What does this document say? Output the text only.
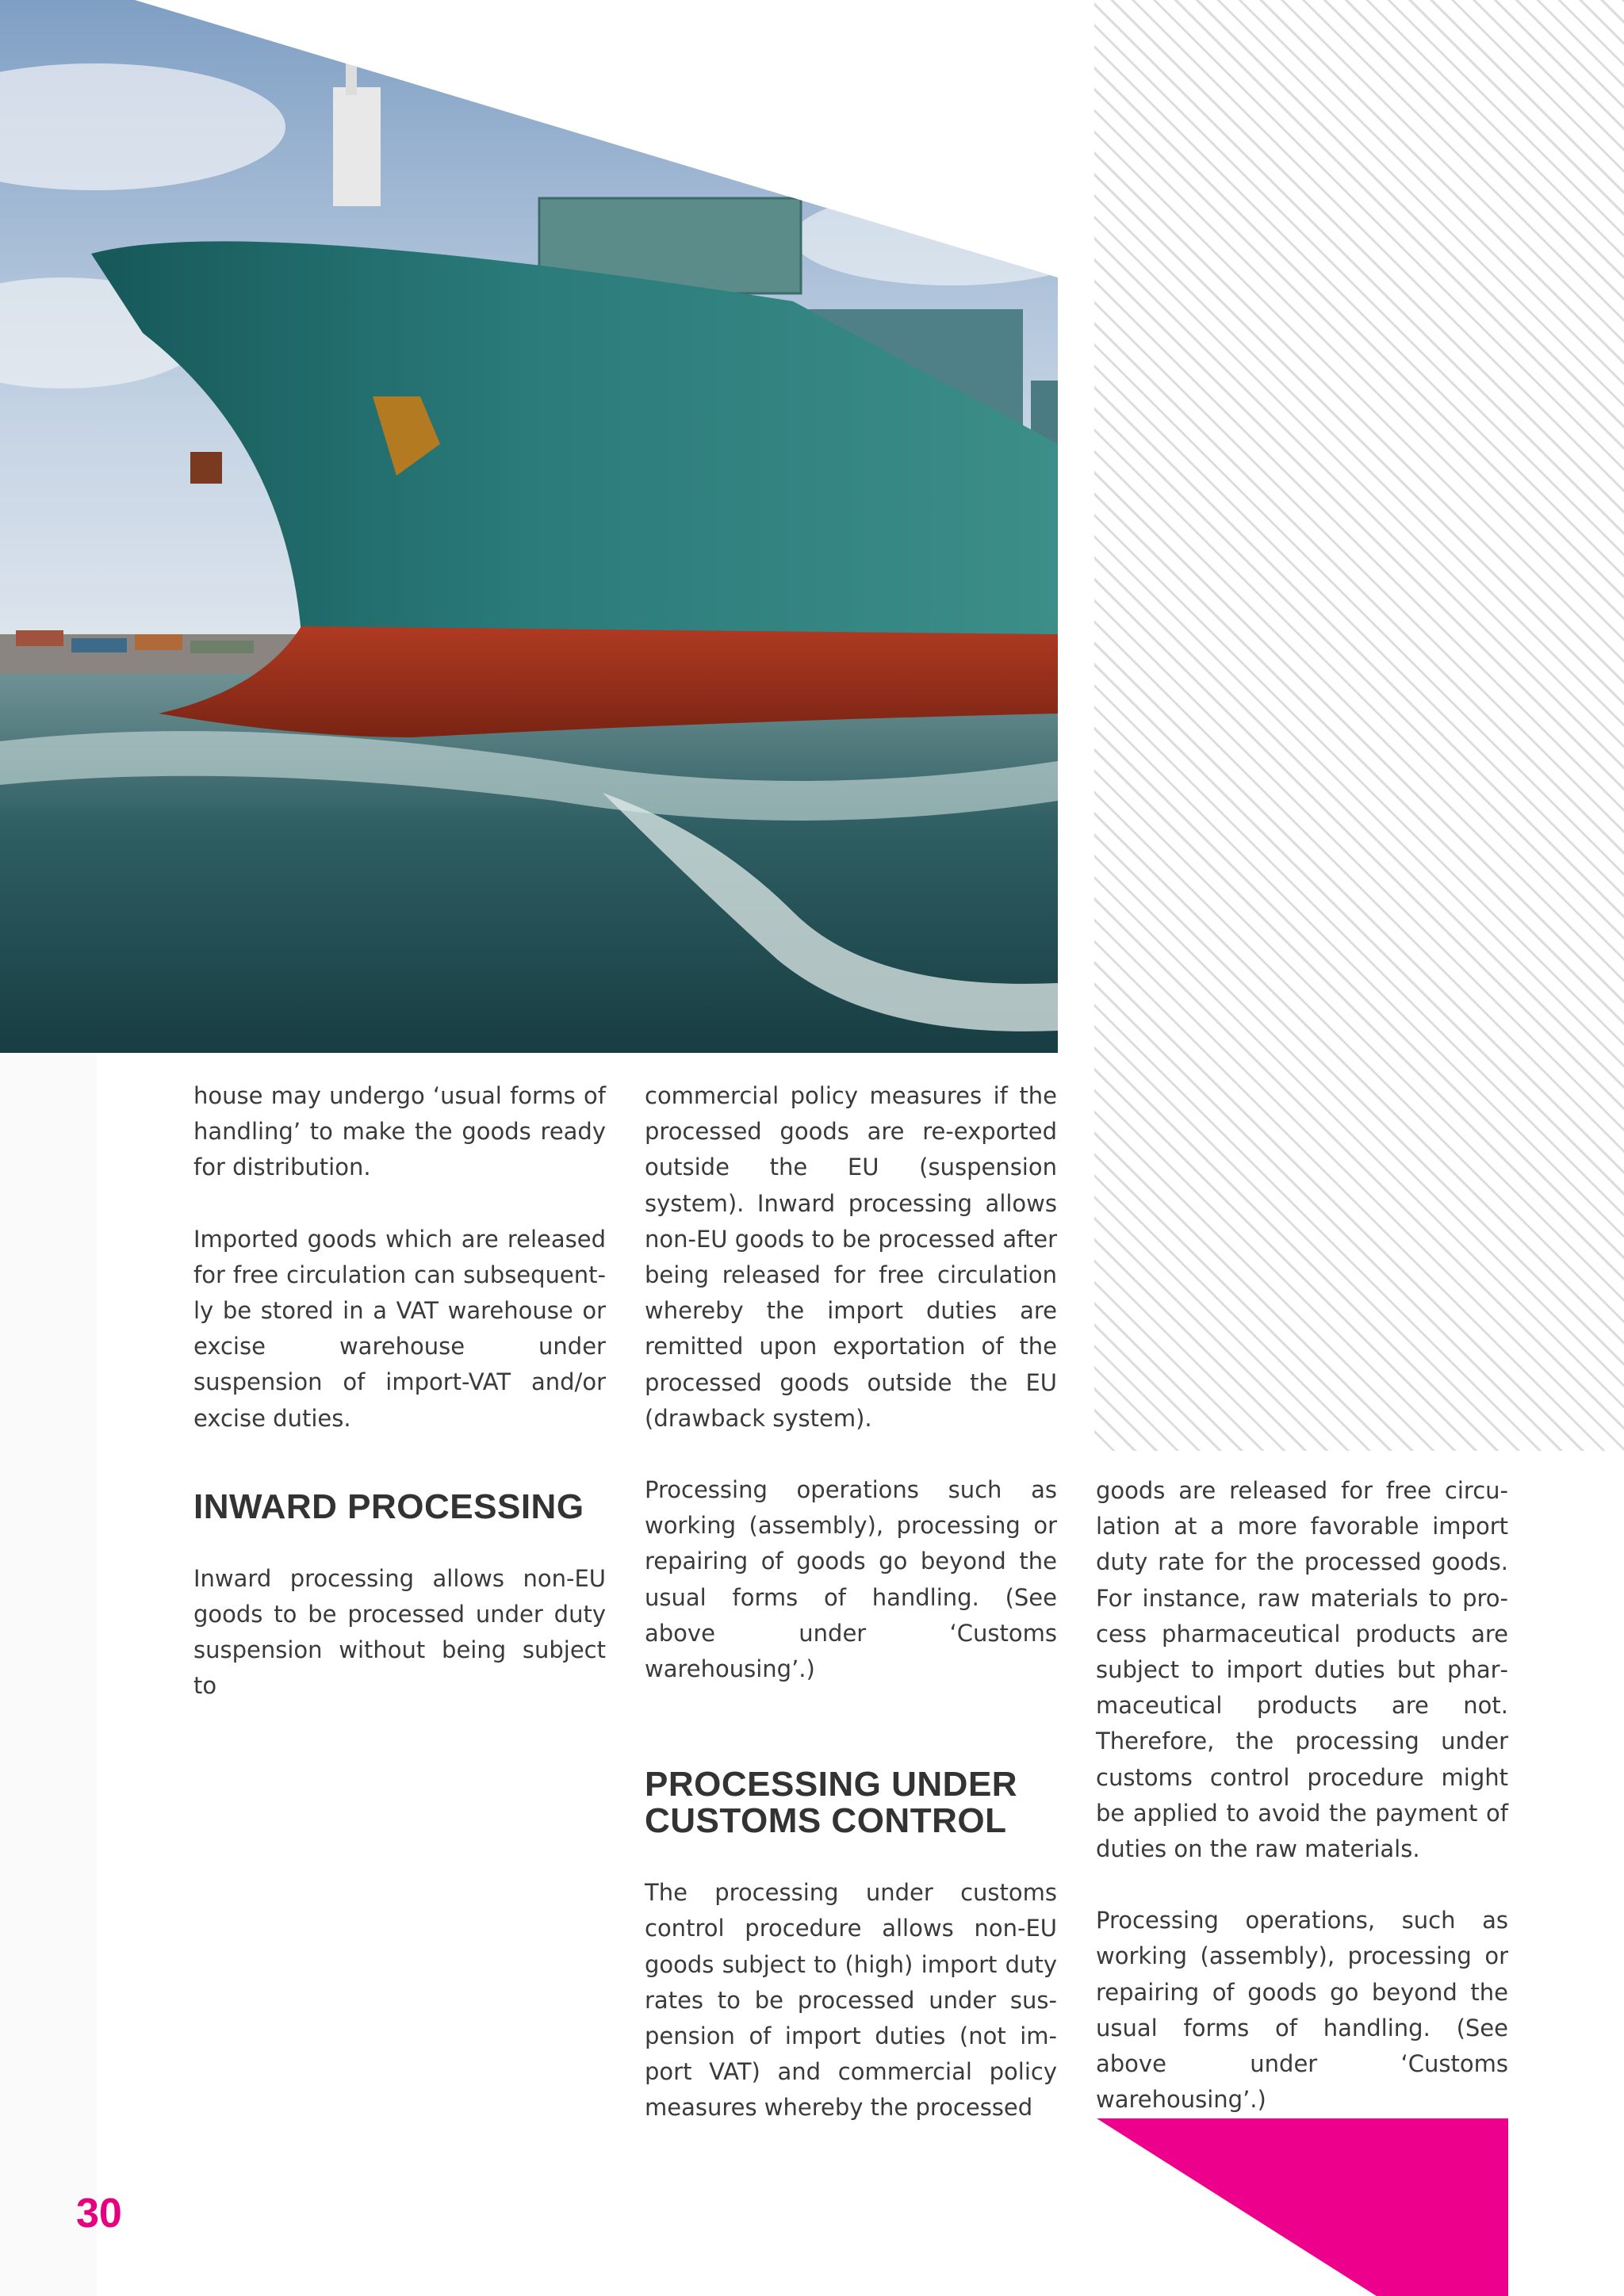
house may undergo ‘usual forms of handling’ to make the goods ready for distribution.

Imported goods which are released for free circulation can subsequently be stored in a VAT warehouse or excise warehouse under suspension of import-VAT and/or excise duties.

INWARD PROCESSING

Inward processing allows non-EU goods to be processed under duty suspension without being subject to

commercial policy measures if the processed goods are re-exported outside the EU (suspension system). Inward processing allows non-EU goods to be processed after being released for free circulation whereby the import duties are remitted upon exportation of the processed goods outside the EU (drawback system).

Processing operations such as working (assembly), processing or repairing of goods go beyond the usual forms of handling. (See above under ‘Customs warehousing’.)

PROCESSING UNDER
CUSTOMS CONTROL

The processing under customs control procedure allows non-EU goods subject to (high) import duty rates to be processed under suspension of import duties (not import VAT) and commercial policy measures whereby the processed

goods are released for free circulation at a more favorable import duty rate for the processed goods. For instance, raw materials to process pharmaceutical products are subject to import duties but pharmaceutical products are not. Therefore, the processing under customs control procedure might be applied to avoid the payment of duties on the raw materials.

Processing operations, such as working (assembly), processing or repairing of goods go beyond the usual forms of handling. (See above under ‘Customs warehousing’.)

30
